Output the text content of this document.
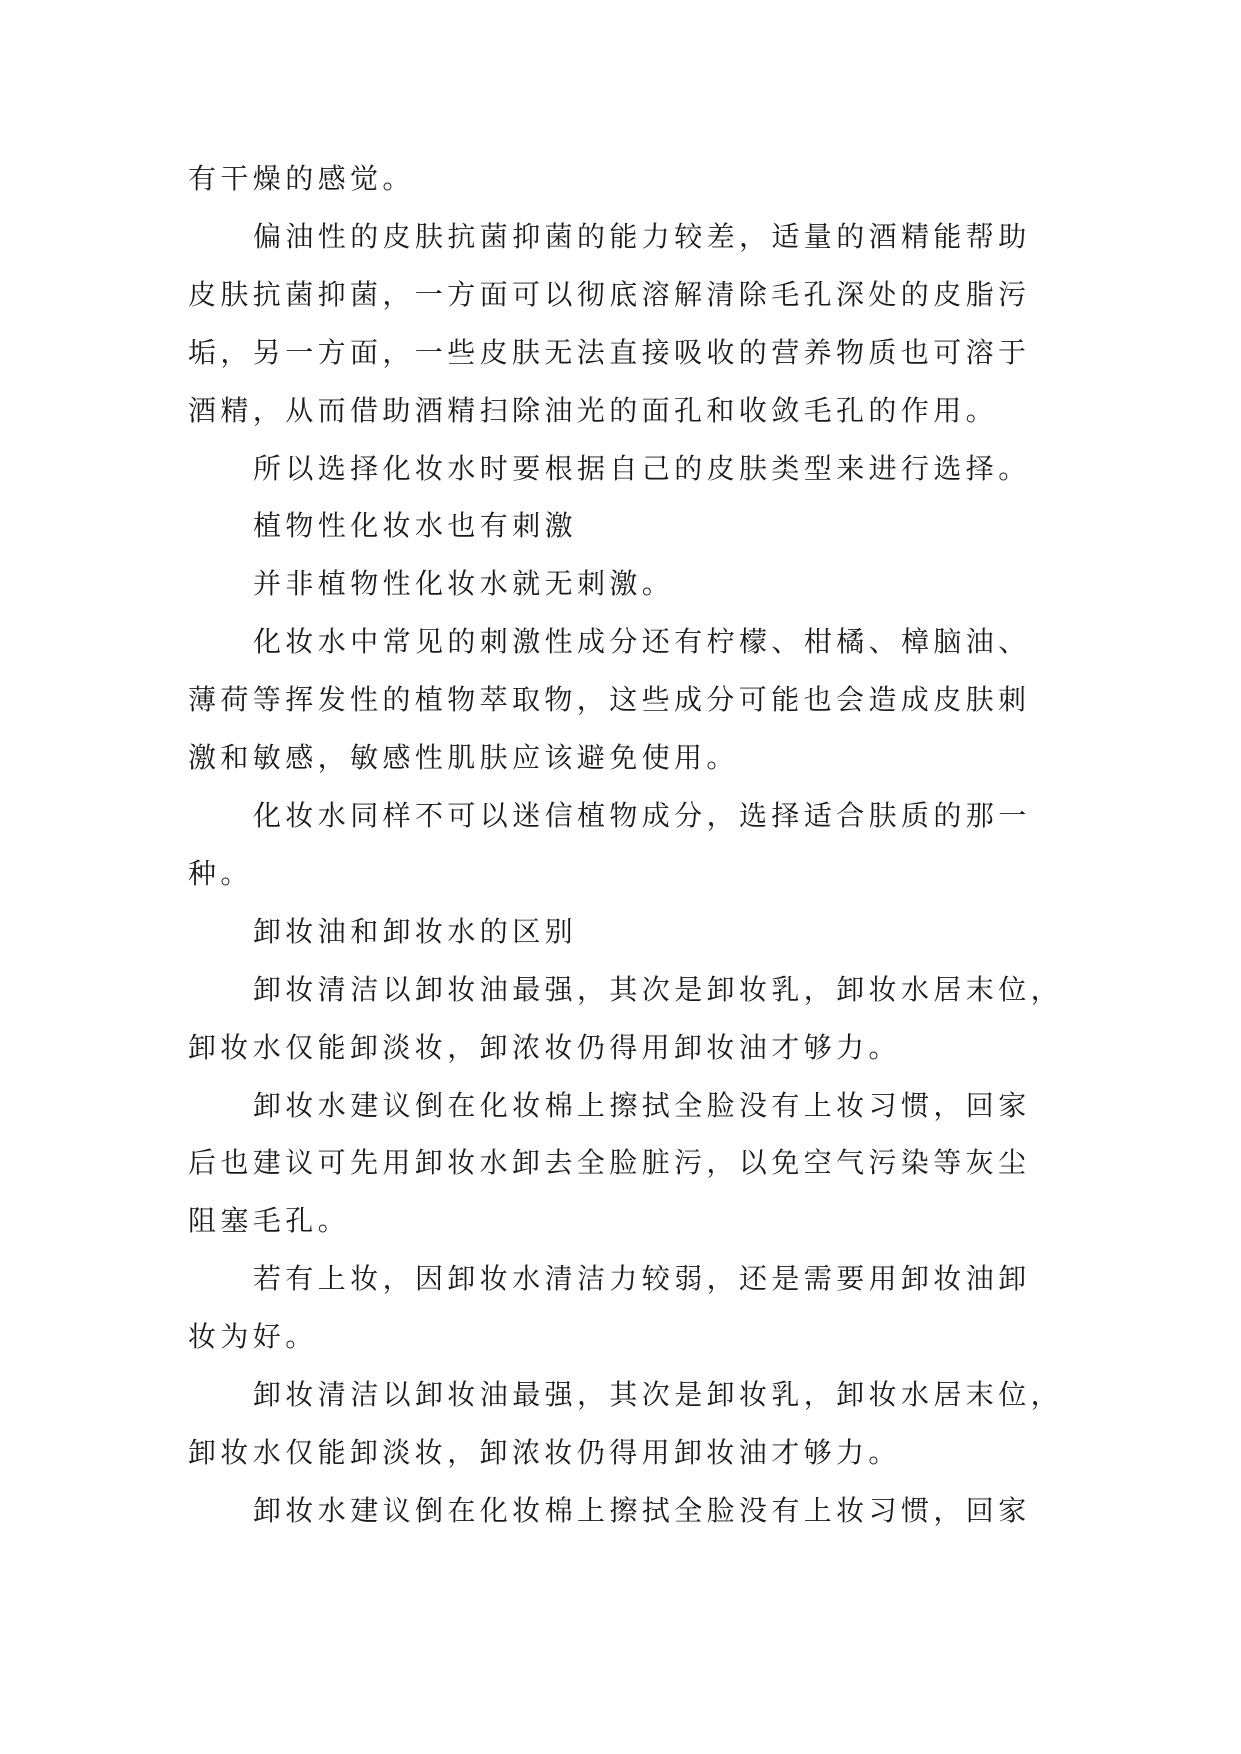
有干燥的感觉。

偏油性的皮肤抗菌抑菌的能力较差，适量的酒精能帮助
皮肤抗菌抑菌，一方面可以彻底溶解清除毛孔深处的皮脂污
垢，另一方面，一些皮肤无法直接吸收的营养物质也可溶于
酒精，从而借助酒精扫除油光的面孔和收敛毛孔的作用。

所以选择化妆水时要根据自己的皮肤类型来进行选择。

植物性化妆水也有刺激

并非植物性化妆水就无刺激。

化妆水中常见的刺激性成分还有柠檬、柑橘、樟脑油、
薄荷等挥发性的植物萃取物，这些成分可能也会造成皮肤刺
激和敏感，敏感性肌肤应该避免使用。

化妆水同样不可以迷信植物成分，选择适合肤质的那一
种。

卸妆油和卸妆水的区别

卸妆清洁以卸妆油最强，其次是卸妆乳，卸妆水居末位，
卸妆水仅能卸淡妆，卸浓妆仍得用卸妆油才够力。

卸妆水建议倒在化妆棉上擦拭全脸没有上妆习惯，回家
后也建议可先用卸妆水卸去全脸脏污，以免空气污染等灰尘
阻塞毛孔。

若有上妆，因卸妆水清洁力较弱，还是需要用卸妆油卸
妆为好。

卸妆清洁以卸妆油最强，其次是卸妆乳，卸妆水居末位，
卸妆水仅能卸淡妆，卸浓妆仍得用卸妆油才够力。

卸妆水建议倒在化妆棉上擦拭全脸没有上妆习惯，回家
